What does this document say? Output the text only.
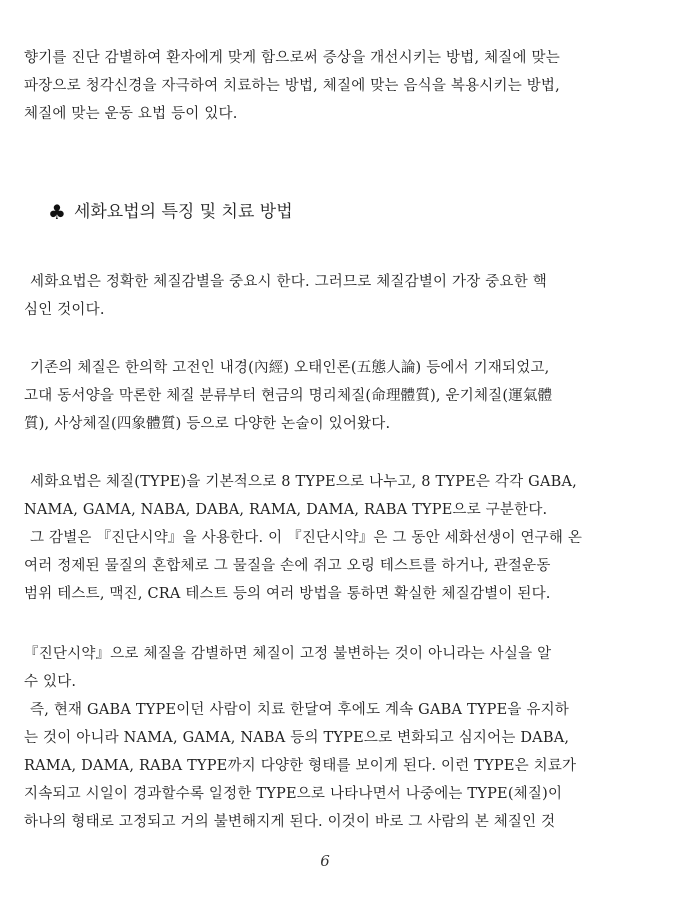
향기를 진단 감별하여 환자에게 맞게 함으로써 증상을 개선시키는 방법, 체질에 맞는
파장으로 청각신경을 자극하여 치료하는 방법, 체질에 맞는 음식을 복용시키는 방법,
체질에 맞는 운동 요법 등이 있다.
♣ 세화요법의 특징 및 치료 방법
세화요법은 정확한 체질감별을 중요시 한다. 그러므로 체질감별이 가장 중요한 핵
심인 것이다.
기존의 체질은 한의학 고전인 내경(內經) 오태인론(五態人論) 등에서 기재되었고,
고대 동서양을 막론한 체질 분류부터 현금의 명리체질(命理體質), 운기체질(運氣體
質), 사상체질(四象體質) 등으로 다양한 논술이 있어왔다.
세화요법은 체질(TYPE)을 기본적으로 8 TYPE으로 나누고, 8 TYPE은 각각 GABA,
NAMA, GAMA, NABA, DABA, RAMA, DAMA, RABA TYPE으로 구분한다.
그 감별은 『진단시약』을 사용한다. 이 『진단시약』은 그 동안 세화선생이 연구해 온
여러 정제된 물질의 혼합체로 그 물질을 손에 쥐고 오링 테스트를 하거나, 관절운동
범위 테스트, 맥진, CRA 테스트 등의 여러 방법을 통하면 확실한 체질감별이 된다.
『진단시약』으로 체질을 감별하면 체질이 고정 불변하는 것이 아니라는 사실을 알
수 있다.
즉, 현재 GABA TYPE이던 사람이 치료 한달여 후에도 계속 GABA TYPE을 유지하
는 것이 아니라 NAMA, GAMA, NABA 등의 TYPE으로 변화되고 심지어는 DABA,
RAMA, DAMA, RABA TYPE까지 다양한 형태를 보이게 된다. 이런 TYPE은 치료가
지속되고 시일이 경과할수록 일정한 TYPE으로 나타나면서 나중에는 TYPE(체질)이
하나의 형태로 고정되고 거의 불변해지게 된다. 이것이 바로 그 사람의 본 체질인 것
6
